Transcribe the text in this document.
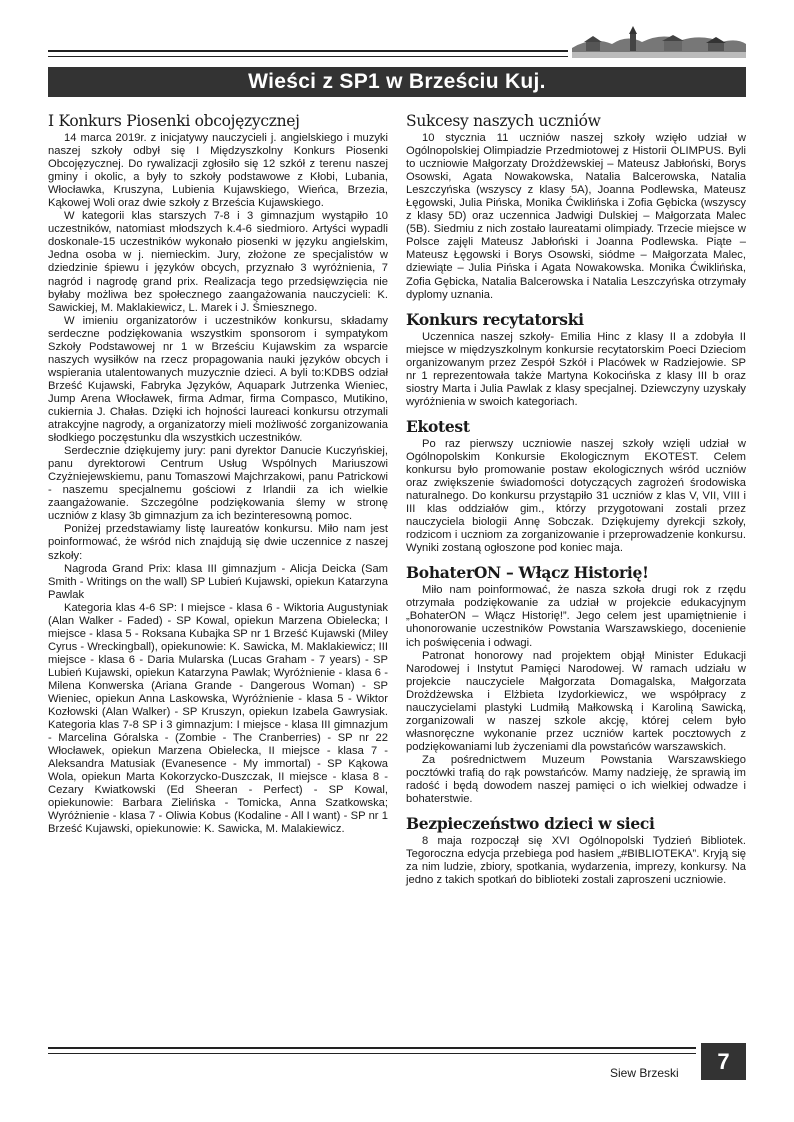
Wieści z SP1 w Brześciu Kuj.
I Konkurs Piosenki obcojęzycznej

14 marca 2019r. z inicjatywy nauczycieli j. angielskiego i muzyki naszej szkoły odbył się I Międzyszkolny Konkurs Piosenki Obcojęzycznej. Do rywalizacji zgłosiło się 12 szkół z terenu naszej gminy i okolic, a były to szkoły podstawowe z Kłobi, Lubania, Włocławka, Kruszyna, Lubienia Kujawskiego, Wieńca, Brzezia, Kąkowej Woli oraz dwie szkoły z Brześcia Kujawskiego.

W kategorii klas starszych 7-8 i 3 gimnazjum wystąpiło 10 uczestników, natomiast młodszych k.4-6 siedmioro. Artyści wypadli doskonale-15 uczestników wykonało piosenki w języku angielskim, Jedna osoba w j. niemieckim. Jury, złożone ze specjalistów w dziedzinie śpiewu i języków obcych, przyznało 3 wyróżnienia, 7 nagród i nagrodę grand prix. Realizacja tego przedsięwzięcia nie byłaby możliwa bez społecznego zaangażowania nauczycieli: K. Sawickiej, M. Maklakiewicz, L. Marek i J. Śmiesznego.

W imieniu organizatorów i uczestników konkursu, składamy serdeczne podziękowania wszystkim sponsorom i sympatykom Szkoły Podstawowej nr 1 w Brześciu Kujawskim za wsparcie naszych wysiłków na rzecz propagowania nauki języków obcych i wspierania utalentowanych muzycznie dzieci. A byli to:KDBS odział Brześć Kujawski, Fabryka Języków, Aquapark Jutrzenka Wieniec, Jump Arena Włocławek, firma Admar, firma Compasco, Mutikino, cukiernia J. Chałas. Dzięki ich hojności laureaci konkursu otrzymali atrakcyjne nagrody, a organizatorzy mieli możliwość zorganizowania słodkiego poczęstunku dla wszystkich uczestników.

Serdecznie dziękujemy jury: pani dyrektor Danucie Kuczyńskiej, panu dyrektorowi Centrum Usług Wspólnych Mariuszowi Czyżniejewskiemu, panu Tomaszowi Majchrzakowi, panu Patrickowi - naszemu specjalnemu gościowi z Irlandii za ich wielkie zaangażowanie. Szczególne podziękowania ślemy w stronę uczniów z klasy 3b gimnazjum za ich bezinteresowną pomoc.

Poniżej przedstawiamy listę laureatów konkursu. Miło nam jest poinformować, że wśród nich znajdują się dwie uczennice z naszej szkoły:

Nagroda Grand Prix: klasa III gimnazjum - Alicja Deicka (Sam Smith - Writings on the wall) SP Lubień Kujawski, opiekun Katarzyna Pawlak

Kategoria klas 4-6 SP: I miejsce - klasa 6 - Wiktoria Augustyniak (Alan Walker - Faded) - SP Kowal, opiekun Marzena Obielecka; I miejsce - klasa 5 - Roksana Kubajka SP nr 1 Brześć Kujawski (Miley Cyrus - Wreckingball), opiekunowie: K. Sawicka, M. Maklakiewicz; III miejsce - klasa 6 - Daria Mularska (Lucas Graham - 7 years) - SP Lubień Kujawski, opiekun Katarzyna Pawlak; Wyróżnienie - klasa 6 - Milena Konwerska (Ariana Grande - Dangerous Woman) - SP Wieniec, opiekun Anna Laskowska, Wyróżnienie - klasa 5 - Wiktor Kozłowski (Alan Walker) - SP Kruszyn, opiekun Izabela Gawrysiak. Kategoria klas 7-8 SP i 3 gimnazjum: I miejsce - klasa III gimnazjum - Marcelina Góralska - (Zombie - The Cranberries) - SP nr 22 Włocławek, opiekun Marzena Obielecka, II miejsce - klasa 7 - Aleksandra Matusiak (Evanesence - My immortal) - SP Kąkowa Wola, opiekun Marta Kokorzycko-Duszczak, II miejsce - klasa 8 - Cezary Kwiatkowski (Ed Sheeran - Perfect) - SP Kowal, opiekunowie: Barbara Zielińska - Tomicka, Anna Szatkowska; Wyróżnienie - klasa 7 - Oliwia Kobus (Kodaline - All I want) - SP nr 1 Brześć Kujawski, opiekunowie: K. Sawicka, M. Malakiewicz.

Sukcesy naszych uczniów

10 stycznia 11 uczniów naszej szkoły wzięło udział w Ogólnopolskiej Olimpiadzie Przedmiotowej z Historii OLIMPUS. Byli to uczniowie Małgorzaty Drożdżewskiej – Mateusz Jabłoński, Borys Osowski, Agata Nowakowska, Natalia Balcerowska, Natalia Leszczyńska (wszyscy z klasy 5A), Joanna Podlewska, Mateusz Łęgowski, Julia Pińska, Monika Ćwiklińska i Zofia Gębicka (wszyscy z klasy 5D) oraz uczennica Jadwigi Dulskiej – Małgorzata Malec (5B). Siedmiu z nich zostało laureatami olimpiady. Trzecie miejsce w Polsce zajęli Mateusz Jabłoński i Joanna Podlewska. Piąte – Mateusz Łęgowski i Borys Osowski, siódme – Małgorzata Malec, dziewiąte – Julia Pińska i Agata Nowakowska. Monika Ćwiklińska, Zofia Gębicka, Natalia Balcerowska i Natalia Leszczyńska otrzymały dyplomy uznania.

Konkurs recytatorski

Uczennica naszej szkoły- Emilia Hinc z klasy II a zdobyła II miejsce w międzyszkolnym konkursie recytatorskim Poeci Dzieciom organizowanym przez Zespół Szkół i Placówek w Radziejowie. SP nr 1 reprezentowała także Martyna Kokocińska z klasy III b oraz siostry Marta i Julia Pawlak z klasy specjalnej. Dziewczyny uzyskały wyróżnienia w swoich kategoriach.

Ekotest

Po raz pierwszy uczniowie naszej szkoły wzięli udział w Ogólnopolskim Konkursie Ekologicznym EKOTEST. Celem konkursu było promowanie postaw ekologicznych wśród uczniów oraz zwiększenie świadomości dotyczących zagrożeń środowiska naturalnego. Do konkursu przystąpiło 31 uczniów z klas V, VII, VIII i III klas oddziałów gim., którzy przygotowani zostali przez nauczyciela biologii Annę Sobczak. Dziękujemy dyrekcji szkoły, rodzicom i uczniom za zorganizowanie i przeprowadzenie konkursu. Wyniki zostaną ogłoszone pod koniec maja.

BohaterON – Włącz Historię!

Miło nam poinformować, że nasza szkoła drugi rok z rzędu otrzymała podziękowanie za udział w projekcie edukacyjnym „BohaterON – Włącz Historię!”. Jego celem jest upamiętnienie i uhonorowanie uczestników Powstania Warszawskiego, docenienie ich poświęcenia i odwagi.

Patronat honorowy nad projektem objął Minister Edukacji Narodowej i Instytut Pamięci Narodowej. W ramach udziału w projekcie nauczyciele Małgorzata Domagalska, Małgorzata Drożdżewska i Elżbieta Izydorkiewicz, we współpracy z nauczycielami plastyki Ludmiłą Małkowską i Karoliną Sawicką, zorganizowali w naszej szkole akcję, której celem było własnoręczne wykonanie przez uczniów kartek pocztowych z podziękowaniami lub życzeniami dla powstańców warszawskich.

Za pośrednictwem Muzeum Powstania Warszawskiego pocztówki trafią do rąk powstańców. Mamy nadzieję, że sprawią im radość i będą dowodem naszej pamięci o ich wielkiej odwadze i bohaterstwie.

Bezpieczeństwo dzieci w sieci

8 maja rozpoczął się XVI Ogólnopolski Tydzień Bibliotek. Tegoroczna edycja przebiega pod hasłem „#BIBLIOTEKA”. Kryją się za nim ludzie, zbiory, spotkania, wydarzenia, imprezy, konkursy. Na jedno z takich spotkań do biblioteki zostali zaproszeni uczniowie.

Siew Brzeski	7
